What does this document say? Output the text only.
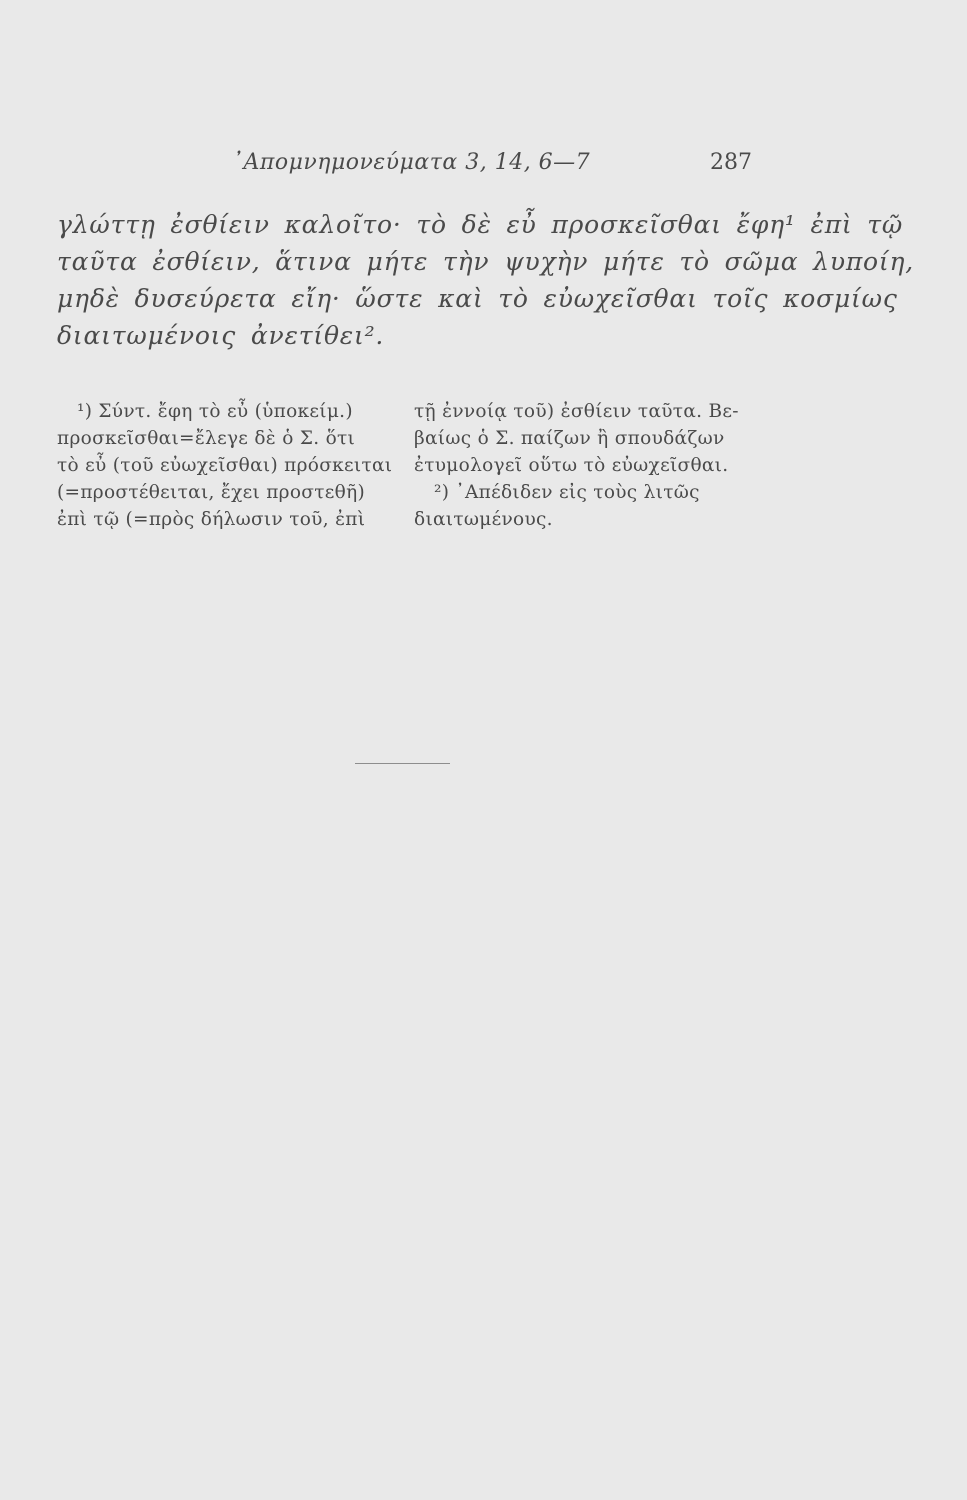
᾿Απομνημονεύματα 3, 14, 6—7	287
γλώττῃ ἐσθίειν καλοῖτο· τὸ δὲ εὖ προσκεῖσθαι ἔφη¹ ἐπὶ τῷ
ταῦτα ἐσθίειν, ἅτινα μήτε τὴν ψυχὴν μήτε τὸ σῶμα λυποίη,
μηδὲ δυσεύρετα εἴη· ὥστε καὶ τὸ εὐωχεῖσθαι τοῖς κοσμίως
διαιτωμένοις ἀνετίθει².
¹) Σύντ. ἔφη τὸ εὖ (ὑποκείμ.)
προσκεῖσθαι=ἔλεγε δὲ ὁ Σ. ὅτι
τὸ εὖ (τοῦ εὐωχεῖσθαι) πρόσκειται
(=προστέθειται, ἔχει προστεθῆ)
ἐπὶ τῷ (=πρὸς δήλωσιν τοῦ, ἐπὶ
τῇ ἐννοίᾳ τοῦ) ἐσθίειν ταῦτα. Βε-
βαίως ὁ Σ. παίζων ἢ σπουδάζων
ἐτυμολογεῖ οὕτω τὸ εὐωχεῖσθαι.
²) ᾿Απέδιδεν εἰς τοὺς λιτῶς
διαιτωμένους.
